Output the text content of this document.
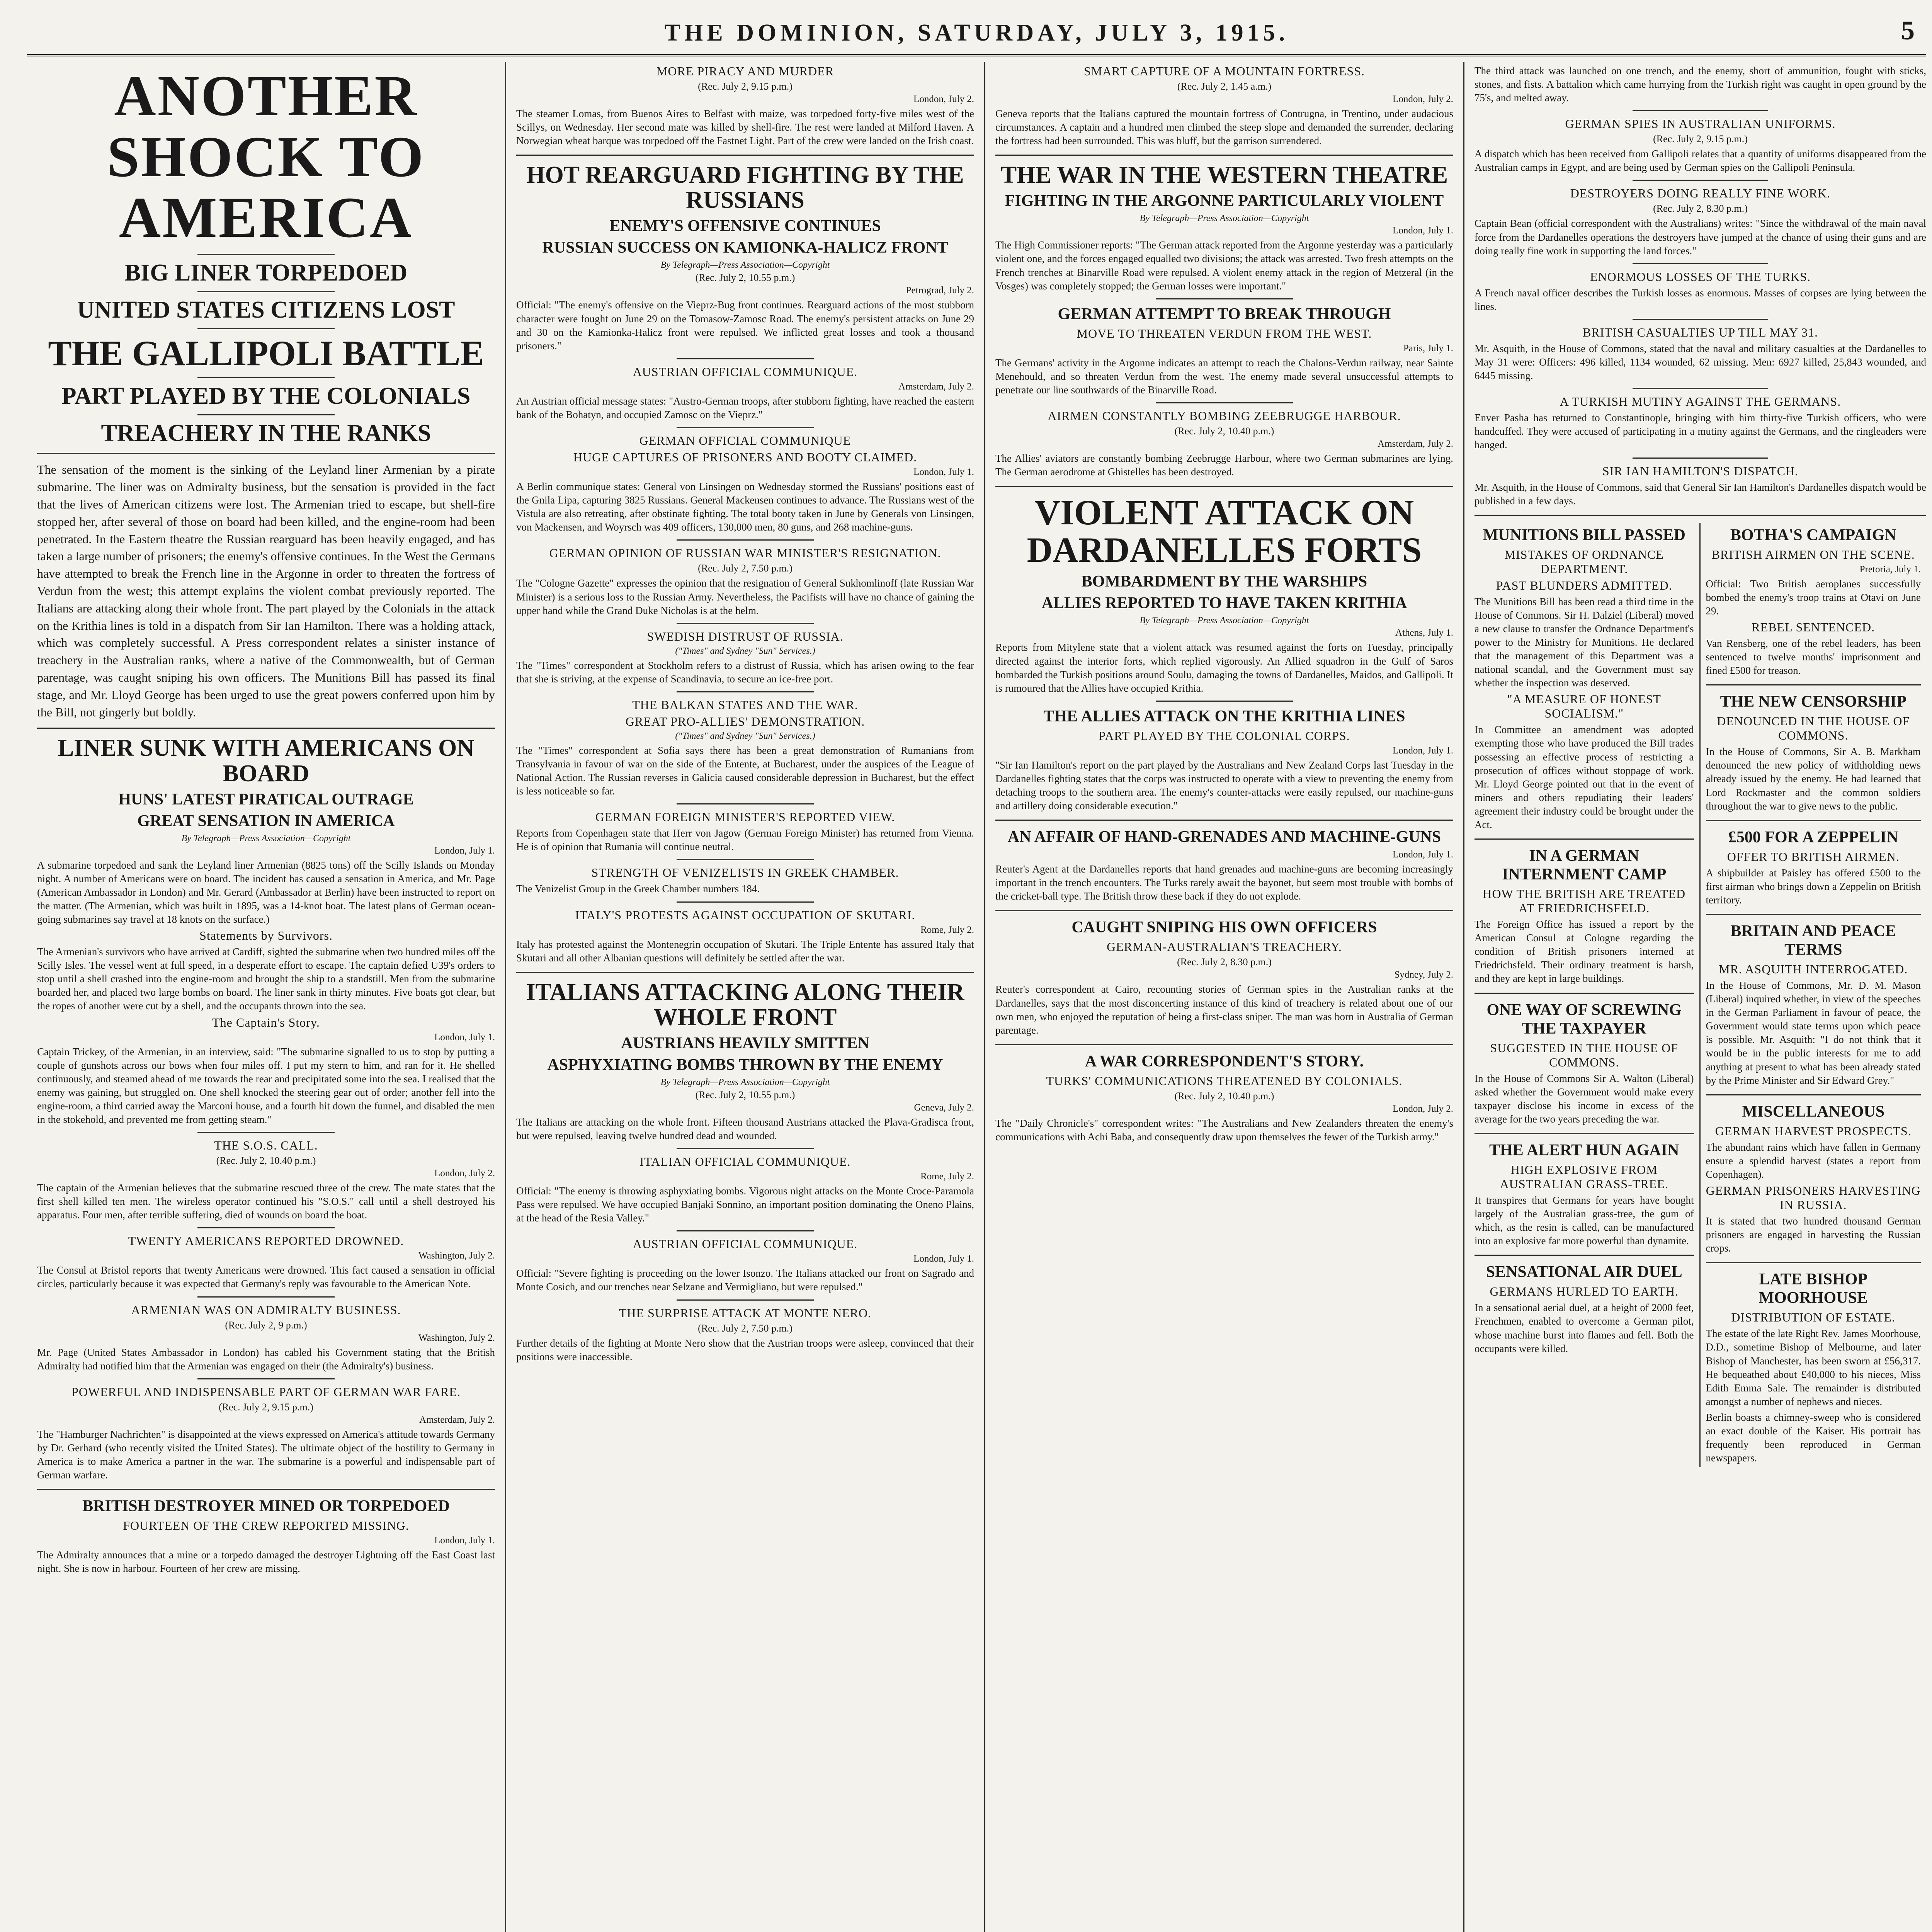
THE DOMINION, SATURDAY, JULY 3, 1915.	5
ANOTHER SHOCK TO AMERICA
BIG LINER TORPEDOED
UNITED STATES CITIZENS LOST
THE GALLIPOLI BATTLE
PART PLAYED BY THE COLONIALS
TREACHERY IN THE RANKS

The sensation of the moment is the sinking of the Leyland liner Armenian by a pirate submarine. The liner was on Admiralty business, but the sensation is provided in the fact that the lives of American citizens were lost. The Armenian tried to escape, but shell-fire stopped her, after several of those on board had been killed, and the engine-room had been penetrated. In the Eastern theatre the Russian rearguard has been heavily engaged, and has taken a large number of prisoners; the enemy's offensive continues. In the West the Germans have attempted to break the French line in the Argonne in order to threaten the fortress of Verdun from the west; this attempt explains the violent combat previously reported. The Italians are attacking along their whole front. The part played by the Colonials in the attack on the Krithia lines is told in a dispatch from Sir Ian Hamilton. There was a holding attack, which was completely successful. A Press correspondent relates a sinister instance of treachery in the Australian ranks, where a native of the Commonwealth, but of German parentage, was caught sniping his own officers. The Munitions Bill has passed its final stage, and Mr. Lloyd George has been urged to use the great powers conferred upon him by the Bill, not gingerly but boldly.

LINER SUNK WITH AMERICANS ON BOARD
HUNS' LATEST PIRATICAL OUTRAGE
GREAT SENSATION IN AMERICA
By Telegraph—Press Association—Copyright
London, July 1.

A submarine torpedoed and sank the Leyland liner Armenian (8825 tons) off the Scilly Islands on Monday night. A number of Americans were on board. The incident has caused a sensation in America, and Mr. Page (American Ambassador in London) and Mr. Gerard (Ambassador at Berlin) have been instructed to report on the matter. (The Armenian, which was built in 1895, was a 14-knot boat. The latest plans of German ocean-going submarines say travel at 18 knots on the surface.)

Statements by Survivors.

The Armenian's survivors who have arrived at Cardiff, sighted the submarine when two hundred miles off the Scilly Isles. The vessel went at full speed, in a desperate effort to escape. The captain defied U39's orders to stop until a shell crashed into the engine-room and brought the ship to a standstill. Men from the submarine boarded her, and placed two large bombs on board. The liner sank in thirty minutes. Five boats got clear, but the ropes of another were cut by a shell, and the occupants thrown into the sea.

The Captain's Story.
London, July 1.

Captain Trickey, of the Armenian, in an interview, said: "The submarine signalled to us to stop by putting a couple of gunshots across our bows when four miles off. I put my stern to him, and ran for it. He shelled continuously, and steamed ahead of me towards the rear and precipitated some into the sea. I realised that the enemy was gaining, but struggled on. One shell knocked the steering gear out of order; another fell into the engine-room, a third carried away the Marconi house, and a fourth hit down the funnel, and disabled the men in the stokehold, and prevented me from getting steam."

THE S.O.S. CALL.
(Rec. July 2, 10.40 p.m.)
London, July 2.

The captain of the Armenian believes that the submarine rescued three of the crew. The mate states that the first shell killed ten men. The wireless operator continued his "S.O.S." call until a shell destroyed his apparatus. Four men, after terrible suffering, died of wounds on board the boat.

TWENTY AMERICANS REPORTED DROWNED.
Washington, July 2.

The Consul at Bristol reports that twenty Americans were drowned. This fact caused a sensation in official circles, particularly because it was expected that Germany's reply was favourable to the American Note.

ARMENIAN WAS ON ADMIRALTY BUSINESS.
(Rec. July 2, 9 p.m.)
Washington, July 2.

Mr. Page (United States Ambassador in London) has cabled his Government stating that the British Admiralty had notified him that the Armenian was engaged on their (the Admiralty's) business.

POWERFUL AND INDISPENSABLE PART OF GERMAN WAR FARE.
(Rec. July 2, 9.15 p.m.)
Amsterdam, July 2.

The "Hamburger Nachrichten" is disappointed at the views expressed on America's attitude towards Germany by Dr. Gerhard (who recently visited the United States). The ultimate object of the hostility to Germany in America is to make America a partner in the war. The submarine is a powerful and indispensable part of German warfare.

BRITISH DESTROYER MINED OR TORPEDOED
FOURTEEN OF THE CREW REPORTED MISSING.
London, July 1.

The Admiralty announces that a mine or a torpedo damaged the destroyer Lightning off the East Coast last night. She is now in harbour. Fourteen of her crew are missing.

MORE PIRACY AND MURDER
(Rec. July 2, 9.15 p.m.)
London, July 2.

The steamer Lomas, from Buenos Aires to Belfast with maize, was torpedoed forty-five miles west of the Scillys, on Wednesday. Her second mate was killed by shell-fire. The rest were landed at Milford Haven. A Norwegian wheat barque was torpedoed off the Fastnet Light. Part of the crew were landed on the Irish coast.

HOT REARGUARD FIGHTING BY THE RUSSIANS
ENEMY'S OFFENSIVE CONTINUES
RUSSIAN SUCCESS ON KAMIONKA-HALICZ FRONT
By Telegraph—Press Association—Copyright
(Rec. July 2, 10.55 p.m.)
Petrograd, July 2.

Official: "The enemy's offensive on the Vieprz-Bug front continues. Rearguard actions of the most stubborn character were fought on June 29 on the Tomasow-Zamosc Road. The enemy's persistent attacks on June 29 and 30 on the Kamionka-Halicz front were repulsed. We inflicted great losses and took a thousand prisoners."

AUSTRIAN OFFICIAL COMMUNIQUE.
Amsterdam, July 2.

An Austrian official message states: "Austro-German troops, after stubborn fighting, have reached the eastern bank of the Bohatyn, and occupied Zamosc on the Vieprz."

GERMAN OFFICIAL COMMUNIQUE
HUGE CAPTURES OF PRISONERS AND BOOTY CLAIMED.
London, July 1.

A Berlin communique states: General von Linsingen on Wednesday stormed the Russians' positions east of the Gnila Lipa, capturing 3825 Russians. General Mackensen continues to advance. The Russians west of the Vistula are also retreating, after obstinate fighting. The total booty taken in June by Generals von Linsingen, von Mackensen, and Woyrsch was 409 officers, 130,000 men, 80 guns, and 268 machine-guns.

GERMAN OPINION OF RUSSIAN WAR MINISTER'S RESIGNATION.
(Rec. July 2, 7.50 p.m.)

The "Cologne Gazette" expresses the opinion that the resignation of General Sukhomlinoff (late Russian War Minister) is a serious loss to the Russian Army. Nevertheless, the Pacifists will have no chance of gaining the upper hand while the Grand Duke Nicholas is at the helm.

SWEDISH DISTRUST OF RUSSIA.
("Times" and Sydney "Sun" Services.)

The "Times" correspondent at Stockholm refers to a distrust of Russia, which has arisen owing to the fear that she is striving, at the expense of Scandinavia, to secure an ice-free port.

THE BALKAN STATES AND THE WAR.
GREAT PRO-ALLIES' DEMONSTRATION.
("Times" and Sydney "Sun" Services.)

The "Times" correspondent at Sofia says there has been a great demonstration of Rumanians from Transylvania in favour of war on the side of the Entente, at Bucharest, under the auspices of the League of National Action. The Russian reverses in Galicia caused considerable depression in Bucharest, but the effect is less noticeable so far.

GERMAN FOREIGN MINISTER'S REPORTED VIEW.

Reports from Copenhagen state that Herr von Jagow (German Foreign Minister) has returned from Vienna. He is of opinion that Rumania will continue neutral.

STRENGTH OF VENIZELISTS IN GREEK CHAMBER.

The Venizelist Group in the Greek Chamber numbers 184.

ITALY'S PROTESTS AGAINST OCCUPATION OF SKUTARI.
Rome, July 2.

Italy has protested against the Montenegrin occupation of Skutari. The Triple Entente has assured Italy that Skutari and all other Albanian questions will definitely be settled after the war.

ITALIANS ATTACKING ALONG THEIR WHOLE FRONT
AUSTRIANS HEAVILY SMITTEN
ASPHYXIATING BOMBS THROWN BY THE ENEMY
By Telegraph—Press Association—Copyright
(Rec. July 2, 10.55 p.m.)
Geneva, July 2.

The Italians are attacking on the whole front. Fifteen thousand Austrians attacked the Plava-Gradisca front, but were repulsed, leaving twelve hundred dead and wounded.

ITALIAN OFFICIAL COMMUNIQUE.
Rome, July 2.

Official: "The enemy is throwing asphyxiating bombs. Vigorous night attacks on the Monte Croce-Paramola Pass were repulsed. We have occupied Banjaki Sonnino, an important position dominating the Oneno Plains, at the head of the Resia Valley."

AUSTRIAN OFFICIAL COMMUNIQUE.
London, July 1.

Official: "Severe fighting is proceeding on the lower Isonzo. The Italians attacked our front on Sagrado and Monte Cosich, and our trenches near Selzane and Vermigliano, but were repulsed."

THE SURPRISE ATTACK AT MONTE NERO.
(Rec. July 2, 7.50 p.m.)

Further details of the fighting at Monte Nero show that the Austrian troops were asleep, convinced that their positions were inaccessible.

SMART CAPTURE OF A MOUNTAIN FORTRESS.
(Rec. July 2, 1.45 a.m.)
London, July 2.

Geneva reports that the Italians captured the mountain fortress of Contrugna, in Trentino, under audacious circumstances. A captain and a hundred men climbed the steep slope and demanded the surrender, declaring the fortress had been surrounded. This was bluff, but the garrison surrendered.

THE WAR IN THE WESTERN THEATRE
FIGHTING IN THE ARGONNE PARTICULARLY VIOLENT
By Telegraph—Press Association—Copyright
London, July 1.

The High Commissioner reports: "The German attack reported from the Argonne yesterday was a particularly violent one, and the forces engaged equalled two divisions; the attack was arrested. Two fresh attempts on the French trenches at Binarville Road were repulsed. A violent enemy attack in the region of Metzeral (in the Vosges) was completely stopped; the German losses were important."

GERMAN ATTEMPT TO BREAK THROUGH
MOVE TO THREATEN VERDUN FROM THE WEST.
Paris, July 1.

The Germans' activity in the Argonne indicates an attempt to reach the Chalons-Verdun railway, near Sainte Menehould, and so threaten Verdun from the west. The enemy made several unsuccessful attempts to penetrate our line southwards of the Binarville Road.

AIRMEN CONSTANTLY BOMBING ZEEBRUGGE HARBOUR.
(Rec. July 2, 10.40 p.m.)
Amsterdam, July 2.

The Allies' aviators are constantly bombing Zeebrugge Harbour, where two German submarines are lying. The German aerodrome at Ghistelles has been destroyed.

VIOLENT ATTACK ON DARDANELLES FORTS
BOMBARDMENT BY THE WARSHIPS
ALLIES REPORTED TO HAVE TAKEN KRITHIA
By Telegraph—Press Association—Copyright
Athens, July 1.

Reports from Mitylene state that a violent attack was resumed against the forts on Tuesday, principally directed against the interior forts, which replied vigorously. An Allied squadron in the Gulf of Saros bombarded the Turkish positions around Soulu, damaging the towns of Dardanelles, Maidos, and Gallipoli. It is rumoured that the Allies have occupied Krithia.

THE ALLIES ATTACK ON THE KRITHIA LINES
PART PLAYED BY THE COLONIAL CORPS.
London, July 1.

"Sir Ian Hamilton's report on the part played by the Australians and New Zealand Corps last Tuesday in the Dardanelles fighting states that the corps was instructed to operate with a view to preventing the enemy from detaching troops to the southern area. The enemy's counter-attacks were easily repulsed, our machine-guns and artillery doing considerable execution."

AN AFFAIR OF HAND-GRENADES AND MACHINE-GUNS
London, July 1.

Reuter's Agent at the Dardanelles reports that hand grenades and machine-guns are becoming increasingly important in the trench encounters. The Turks rarely await the bayonet, but seem most trouble with bombs of the cricket-ball type. The British throw these back if they do not explode.

CAUGHT SNIPING HIS OWN OFFICERS
GERMAN-AUSTRALIAN'S TREACHERY.
(Rec. July 2, 8.30 p.m.)
Sydney, July 2.

Reuter's correspondent at Cairo, recounting stories of German spies in the Australian ranks at the Dardanelles, says that the most disconcerting instance of this kind of treachery is related about one of our own men, who enjoyed the reputation of being a first-class sniper. The man was born in Australia of German parentage.

A WAR CORRESPONDENT'S STORY.
TURKS' COMMUNICATIONS THREATENED BY COLONIALS.
(Rec. July 2, 10.40 p.m.)
London, July 2.

The "Daily Chronicle's" correspondent writes: "The Australians and New Zealanders threaten the enemy's communications with Achi Baba, and consequently draw upon themselves the fewer of the Turkish army."

The third attack was launched on one trench, and the enemy, short of ammunition, fought with sticks, stones, and fists. A battalion which came hurrying from the Turkish right was caught in open ground by the 75's, and melted away.

GERMAN SPIES IN AUSTRALIAN UNIFORMS.
(Rec. July 2, 9.15 p.m.)

A dispatch which has been received from Gallipoli relates that a quantity of uniforms disappeared from the Australian camps in Egypt, and are being used by German spies on the Gallipoli Peninsula.

DESTROYERS DOING REALLY FINE WORK.
(Rec. July 2, 8.30 p.m.)

Captain Bean (official correspondent with the Australians) writes: "Since the withdrawal of the main naval force from the Dardanelles operations the destroyers have jumped at the chance of using their guns and are doing really fine work in supporting the land forces."

ENORMOUS LOSSES OF THE TURKS.

A French naval officer describes the Turkish losses as enormous. Masses of corpses are lying between the lines.

BRITISH CASUALTIES UP TILL MAY 31.

Mr. Asquith, in the House of Commons, stated that the naval and military casualties at the Dardanelles to May 31 were: Officers: 496 killed, 1134 wounded, 62 missing. Men: 6927 killed, 25,843 wounded, and 6445 missing.

A TURKISH MUTINY AGAINST THE GERMANS.

Enver Pasha has returned to Constantinople, bringing with him thirty-five Turkish officers, who were handcuffed. They were accused of participating in a mutiny against the Germans, and the ringleaders were hanged.

SIR IAN HAMILTON'S DISPATCH.

Mr. Asquith, in the House of Commons, said that General Sir Ian Hamilton's Dardanelles dispatch would be published in a few days.

MUNITIONS BILL PASSED
MISTAKES OF ORDNANCE DEPARTMENT.
PAST BLUNDERS ADMITTED.

The Munitions Bill has been read a third time in the House of Commons. Sir H. Dalziel (Liberal) moved a new clause to transfer the Ordnance Department's power to the Ministry for Munitions. He declared that the management of this Department was a national scandal, and the Government must say whether the inspection was deserved.

"A MEASURE OF HONEST SOCIALISM."

In Committee an amendment was adopted exempting those who have produced the Bill trades possessing an effective process of restricting a prosecution of offices without stoppage of work. Mr. Lloyd George pointed out that in the event of miners and others repudiating their leaders' agreement their industry could be brought under the Act.

IN A GERMAN INTERNMENT CAMP
HOW THE BRITISH ARE TREATED AT FRIEDRICHSFELD.

The Foreign Office has issued a report by the American Consul at Cologne regarding the condition of British prisoners interned at Friedrichsfeld. Their ordinary treatment is harsh, and they are kept in large buildings.

ONE WAY OF SCREWING THE TAXPAYER
SUGGESTED IN THE HOUSE OF COMMONS.

In the House of Commons Sir A. Walton (Liberal) asked whether the Government would make every taxpayer disclose his income in excess of the average for the two years preceding the war.

THE ALERT HUN AGAIN
HIGH EXPLOSIVE FROM AUSTRALIAN GRASS-TREE.

It transpires that Germans for years have bought largely of the Australian grass-tree, the gum of which, as the resin is called, can be manufactured into an explosive far more powerful than dynamite.

SENSATIONAL AIR DUEL
GERMANS HURLED TO EARTH.

In a sensational aerial duel, at a height of 2000 feet, Frenchmen, enabled to overcome a German pilot, whose machine burst into flames and fell. Both the occupants were killed.

BOTHA'S CAMPAIGN
BRITISH AIRMEN ON THE SCENE.
Pretoria, July 1.

Official: Two British aeroplanes successfully bombed the enemy's troop trains at Otavi on June 29.

REBEL SENTENCED.

Van Rensberg, one of the rebel leaders, has been sentenced to twelve months' imprisonment and fined £500 for treason.

THE NEW CENSORSHIP
DENOUNCED IN THE HOUSE OF COMMONS.

In the House of Commons, Sir A. B. Markham denounced the new policy of withholding news already issued by the enemy. He had learned that Lord Rockmaster and the common soldiers throughout the war to give news to the public.

£500 FOR A ZEPPELIN
OFFER TO BRITISH AIRMEN.

A shipbuilder at Paisley has offered £500 to the first airman who brings down a Zeppelin on British territory.

BRITAIN AND PEACE TERMS
MR. ASQUITH INTERROGATED.

In the House of Commons, Mr. D. M. Mason (Liberal) inquired whether, in view of the speeches in the German Parliament in favour of peace, the Government would state terms upon which peace is possible. Mr. Asquith: "I do not think that it would be in the public interests for me to add anything at present to what has been already stated by the Prime Minister and Sir Edward Grey."

MISCELLANEOUS
GERMAN HARVEST PROSPECTS.

The abundant rains which have fallen in Germany ensure a splendid harvest (states a report from Copenhagen).

GERMAN PRISONERS HARVESTING IN RUSSIA.

It is stated that two hundred thousand German prisoners are engaged in harvesting the Russian crops.

LATE BISHOP MOORHOUSE
DISTRIBUTION OF ESTATE.

The estate of the late Right Rev. James Moorhouse, D.D., sometime Bishop of Melbourne, and later Bishop of Manchester, has been sworn at £56,317. He bequeathed about £40,000 to his nieces, Miss Edith Emma Sale. The remainder is distributed amongst a number of nephews and nieces.

Berlin boasts a chimney-sweep who is considered an exact double of the Kaiser. His portrait has frequently been reproduced in German newspapers.
